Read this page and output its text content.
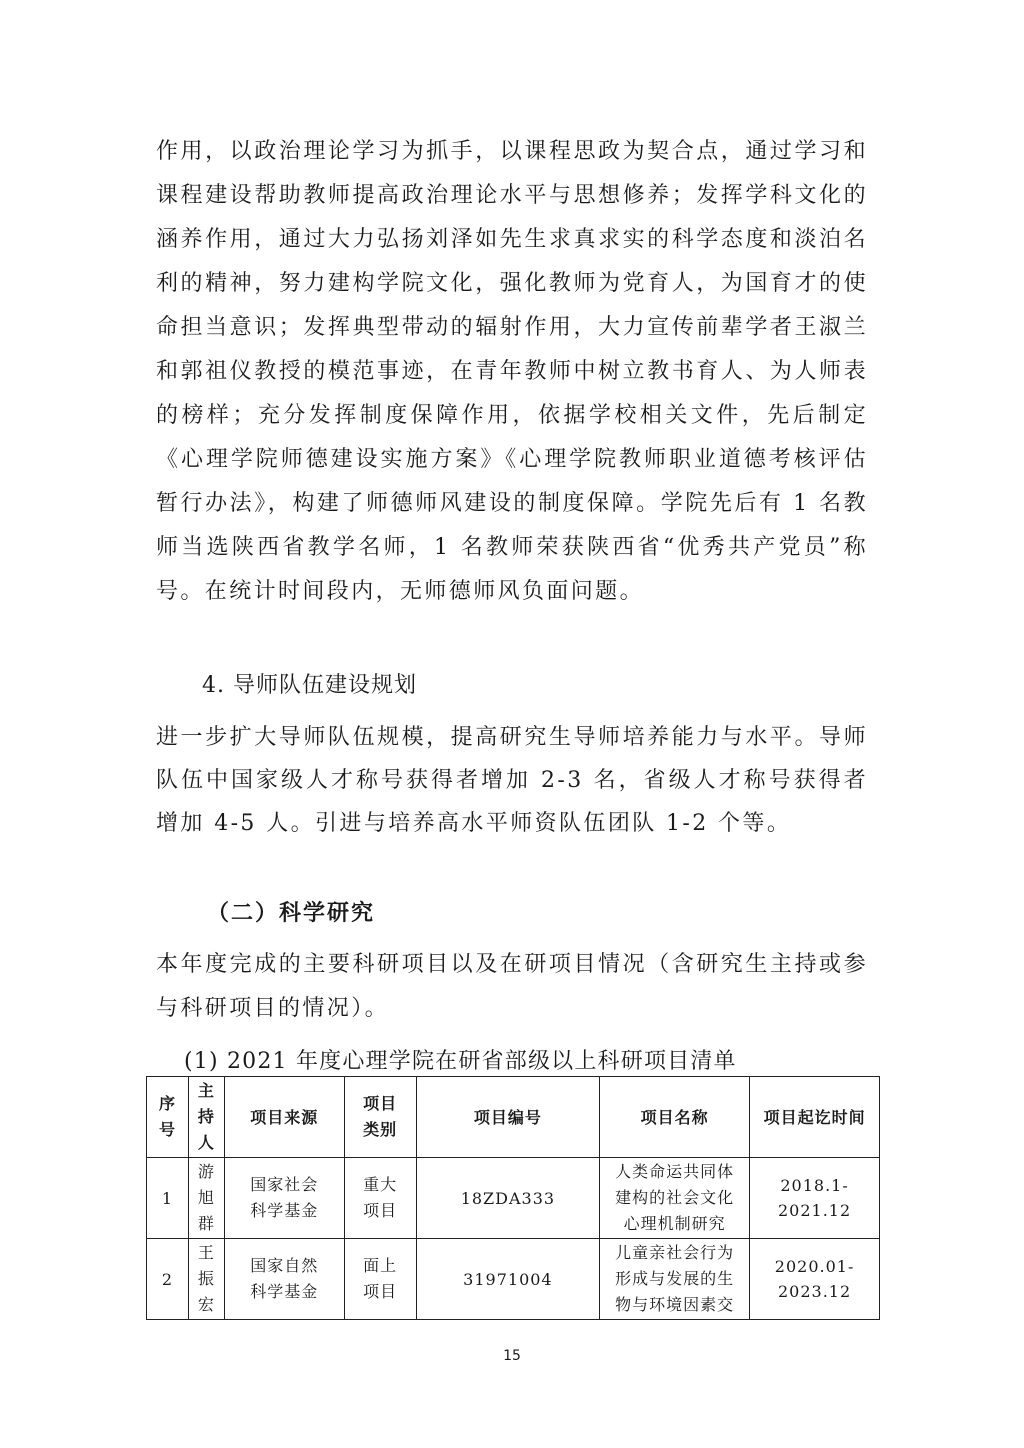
作用，以政治理论学习为抓手，以课程思政为契合点，通过学习和课程建设帮助教师提高政治理论水平与思想修养；发挥学科文化的涵养作用，通过大力弘扬刘泽如先生求真求实的科学态度和淡泊名利的精神，努力建构学院文化，强化教师为党育人，为国育才的使命担当意识；发挥典型带动的辐射作用，大力宣传前辈学者王淑兰和郭祖仪教授的模范事迹，在青年教师中树立教书育人、为人师表的榜样；充分发挥制度保障作用，依据学校相关文件，先后制定《心理学院师德建设实施方案》《心理学院教师职业道德考核评估暂行办法》，构建了师德师风建设的制度保障。学院先后有 1 名教师当选陕西省教学名师，1 名教师荣获陕西省“优秀共产党员”称号。在统计时间段内，无师德师风负面问题。

4. 导师队伍建设规划

进一步扩大导师队伍规模，提高研究生导师培养能力与水平。导师队伍中国家级人才称号获得者增加 2-3 名，省级人才称号获得者增加 4-5 人。引进与培养高水平师资队伍团队 1-2 个等。

（二）科学研究

本年度完成的主要科研项目以及在研项目情况（含研究生主持或参与科研项目的情况）。

(1) 2021 年度心理学院在研省部级以上科研项目清单
序号	主持人	项目来源	项目类别	项目编号	项目名称	项目起讫时间
1	游旭群	国家社会科学基金	重大项目	18ZDA333	人类命运共同体建构的社会文化心理机制研究	2018.1-2021.12
2	王振宏	国家自然科学基金	面上项目	31971004	儿童亲社会行为形成与发展的生物与环境因素交	2020.01-2023.12
15
